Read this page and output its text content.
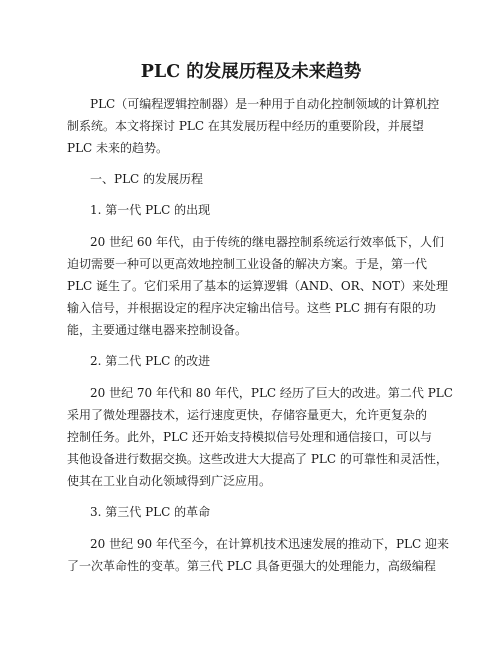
PLC 的发展历程及未来趋势
PLC（可编程逻辑控制器）是一种用于自动化控制领域的计算机控
制系统。本文将探讨 PLC 在其发展历程中经历的重要阶段，并展望
PLC 未来的趋势。
一、PLC 的发展历程
1. 第一代 PLC 的出现
20 世纪 60 年代，由于传统的继电器控制系统运行效率低下，人们
迫切需要一种可以更高效地控制工业设备的解决方案。于是，第一代
PLC 诞生了。它们采用了基本的运算逻辑（AND、OR、NOT）来处理
输入信号，并根据设定的程序决定输出信号。这些 PLC 拥有有限的功
能，主要通过继电器来控制设备。
2. 第二代 PLC 的改进
20 世纪 70 年代和 80 年代，PLC 经历了巨大的改进。第二代 PLC
采用了微处理器技术，运行速度更快，存储容量更大，允许更复杂的
控制任务。此外，PLC 还开始支持模拟信号处理和通信接口，可以与
其他设备进行数据交换。这些改进大大提高了 PLC 的可靠性和灵活性，
使其在工业自动化领域得到广泛应用。
3. 第三代 PLC 的革命
20 世纪 90 年代至今，在计算机技术迅速发展的推动下，PLC 迎来
了一次革命性的变革。第三代 PLC 具备更强大的处理能力，高级编程
